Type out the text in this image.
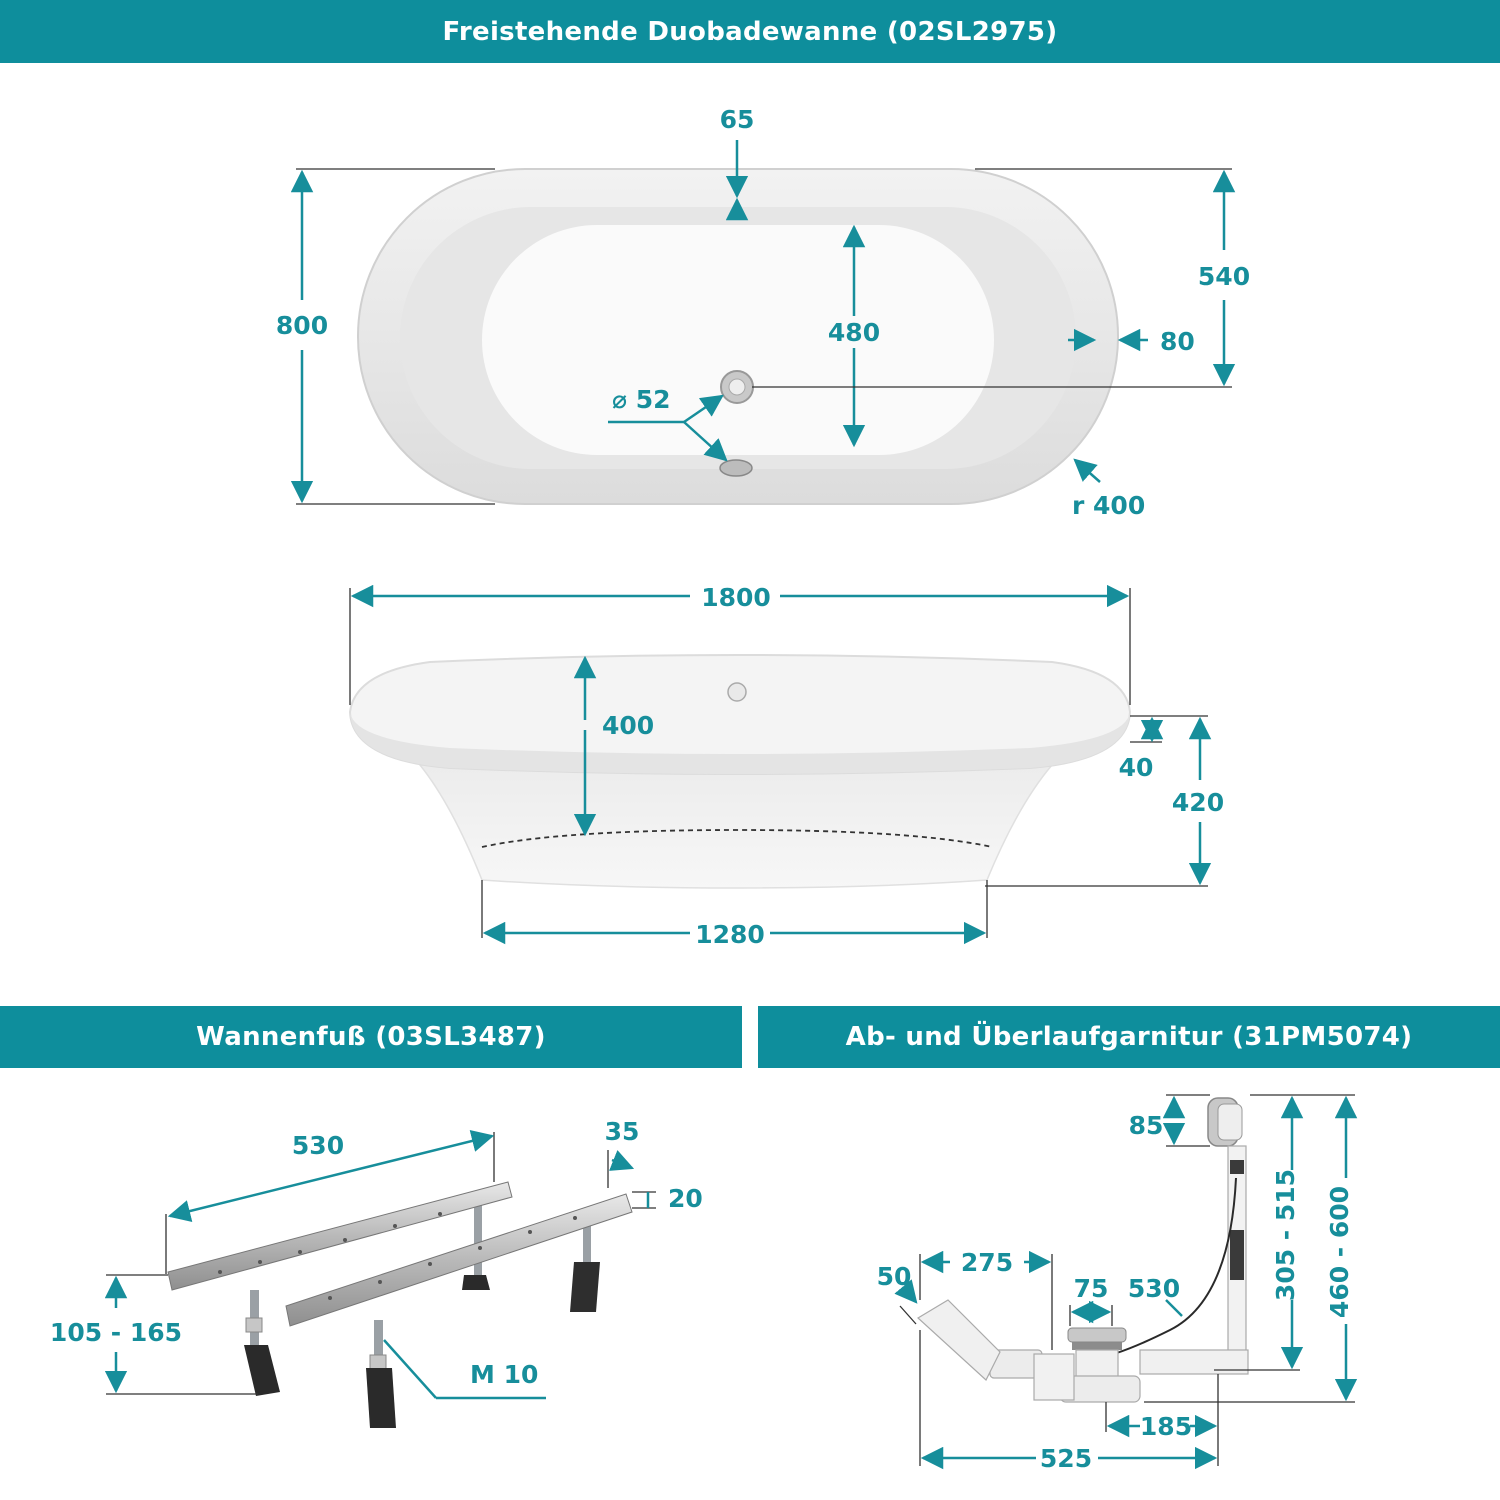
Freistehende Duobadewanne (02SL2975)
Wannenfuß (03SL3487)	Ab- und Überlaufgarnitur (31PM5074)
65
480
800
540
80
⌀ 52
r 400
1800
400
40
420
1280
530	35
20
105 - 165
M 10
85
305 - 515 460 - 600
275
50	75 530
185
525
